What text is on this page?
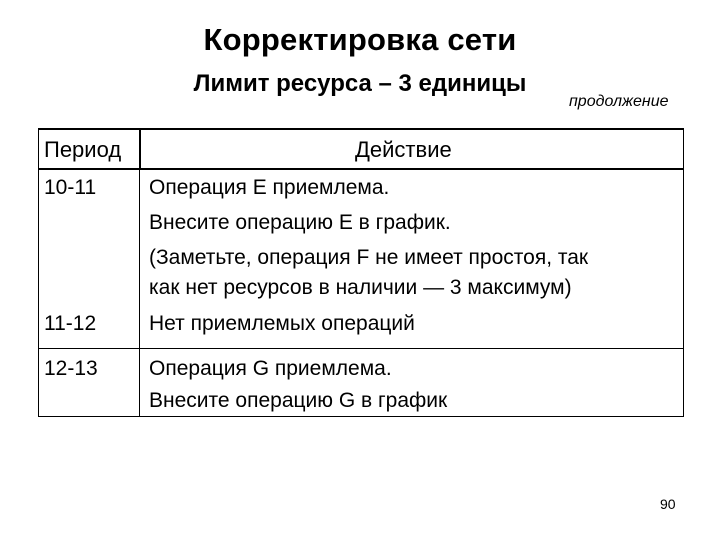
Корректировка сети
Лимит ресурса – 3 единицы
продолжение
Период	Действие
10-11	Операция E приемлема.
Внесите операцию E в график.
(Заметьте, операция F не имеет простоя, так
как нет ресурсов в наличии — 3 максимум)
11-12	Нет приемлемых операций
12-13 Операция G приемлема.
Внесите операцию G в график
90
